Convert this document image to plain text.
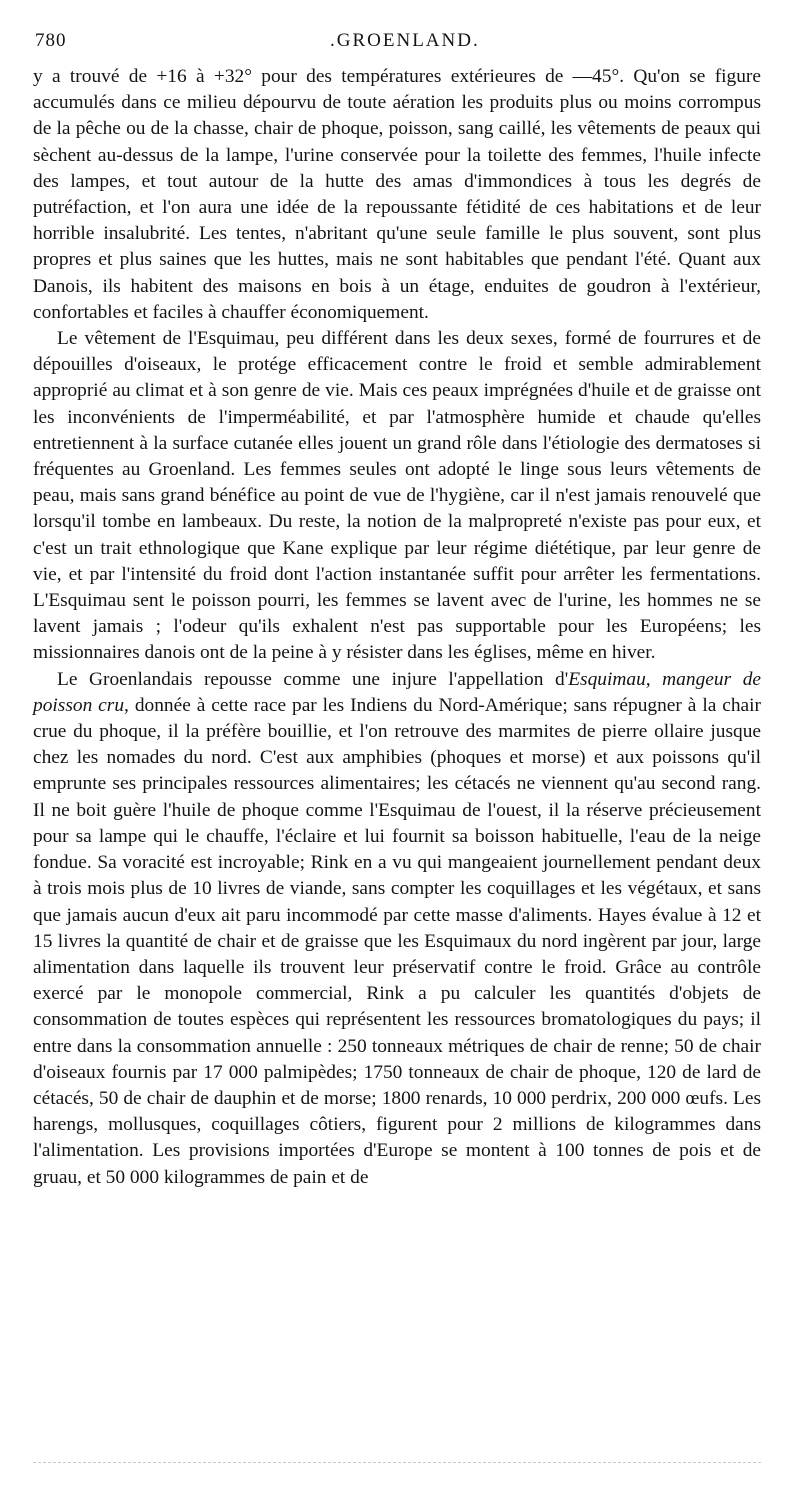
780	.GROENLAND.

y a trouvé de +16 à +32° pour des températures extérieures de —45°. Qu'on se figure accumulés dans ce milieu dépourvu de toute aération les produits plus ou moins corrompus de la pêche ou de la chasse, chair de phoque, poisson, sang caillé, les vêtements de peaux qui sèchent au-dessus de la lampe, l'urine conservée pour la toilette des femmes, l'huile infecte des lampes, et tout autour de la hutte des amas d'immondices à tous les degrés de putréfaction, et l'on aura une idée de la repoussante fétidité de ces habitations et de leur horrible insalubrité. Les tentes, n'abritant qu'une seule famille le plus souvent, sont plus propres et plus saines que les huttes, mais ne sont habitables que pendant l'été. Quant aux Danois, ils habitent des maisons en bois à un étage, enduites de goudron à l'extérieur, confortables et faciles à chauffer économiquement.

Le vêtement de l'Esquimau, peu différent dans les deux sexes, formé de fourrures et de dépouilles d'oiseaux, le protége efficacement contre le froid et semble admirablement approprié au climat et à son genre de vie. Mais ces peaux imprégnées d'huile et de graisse ont les inconvénients de l'imperméabilité, et par l'atmosphère humide et chaude qu'elles entretiennent à la surface cutanée elles jouent un grand rôle dans l'étiologie des dermatoses si fréquentes au Groenland. Les femmes seules ont adopté le linge sous leurs vêtements de peau, mais sans grand bénéfice au point de vue de l'hygiène, car il n'est jamais renouvelé que lorsqu'il tombe en lambeaux. Du reste, la notion de la malpropreté n'existe pas pour eux, et c'est un trait ethnologique que Kane explique par leur régime diététique, par leur genre de vie, et par l'intensité du froid dont l'action instantanée suffit pour arrêter les fermentations. L'Esquimau sent le poisson pourri, les femmes se lavent avec de l'urine, les hommes ne se lavent jamais ; l'odeur qu'ils exhalent n'est pas supportable pour les Européens; les missionnaires danois ont de la peine à y résister dans les églises, même en hiver.

Le Groenlandais repousse comme une injure l'appellation d'Esquimau, mangeur de poisson cru, donnée à cette race par les Indiens du Nord-Amérique; sans répugner à la chair crue du phoque, il la préfère bouillie, et l'on retrouve des marmites de pierre ollaire jusque chez les nomades du nord. C'est aux amphibies (phoques et morse) et aux poissons qu'il emprunte ses principales ressources alimentaires; les cétacés ne viennent qu'au second rang. Il ne boit guère l'huile de phoque comme l'Esquimau de l'ouest, il la réserve précieusement pour sa lampe qui le chauffe, l'éclaire et lui fournit sa boisson habituelle, l'eau de la neige fondue. Sa voracité est incroyable; Rink en a vu qui mangeaient journellement pendant deux à trois mois plus de 10 livres de viande, sans compter les coquillages et les végétaux, et sans que jamais aucun d'eux ait paru incommodé par cette masse d'aliments. Hayes évalue à 12 et 15 livres la quantité de chair et de graisse que les Esquimaux du nord ingèrent par jour, large alimentation dans laquelle ils trouvent leur préservatif contre le froid. Grâce au contrôle exercé par le monopole commercial, Rink a pu calculer les quantités d'objets de consommation de toutes espèces qui représentent les ressources bromatologiques du pays; il entre dans la consommation annuelle : 250 tonneaux métriques de chair de renne; 50 de chair d'oiseaux fournis par 17 000 palmipèdes; 1750 tonneaux de chair de phoque, 120 de lard de cétacés, 50 de chair de dauphin et de morse; 1800 renards, 10 000 perdrix, 200 000 œufs. Les harengs, mollusques, coquillages côtiers, figurent pour 2 millions de kilogrammes dans l'alimentation. Les provisions importées d'Europe se montent à 100 tonnes de pois et de gruau, et 50 000 kilogrammes de pain et de
